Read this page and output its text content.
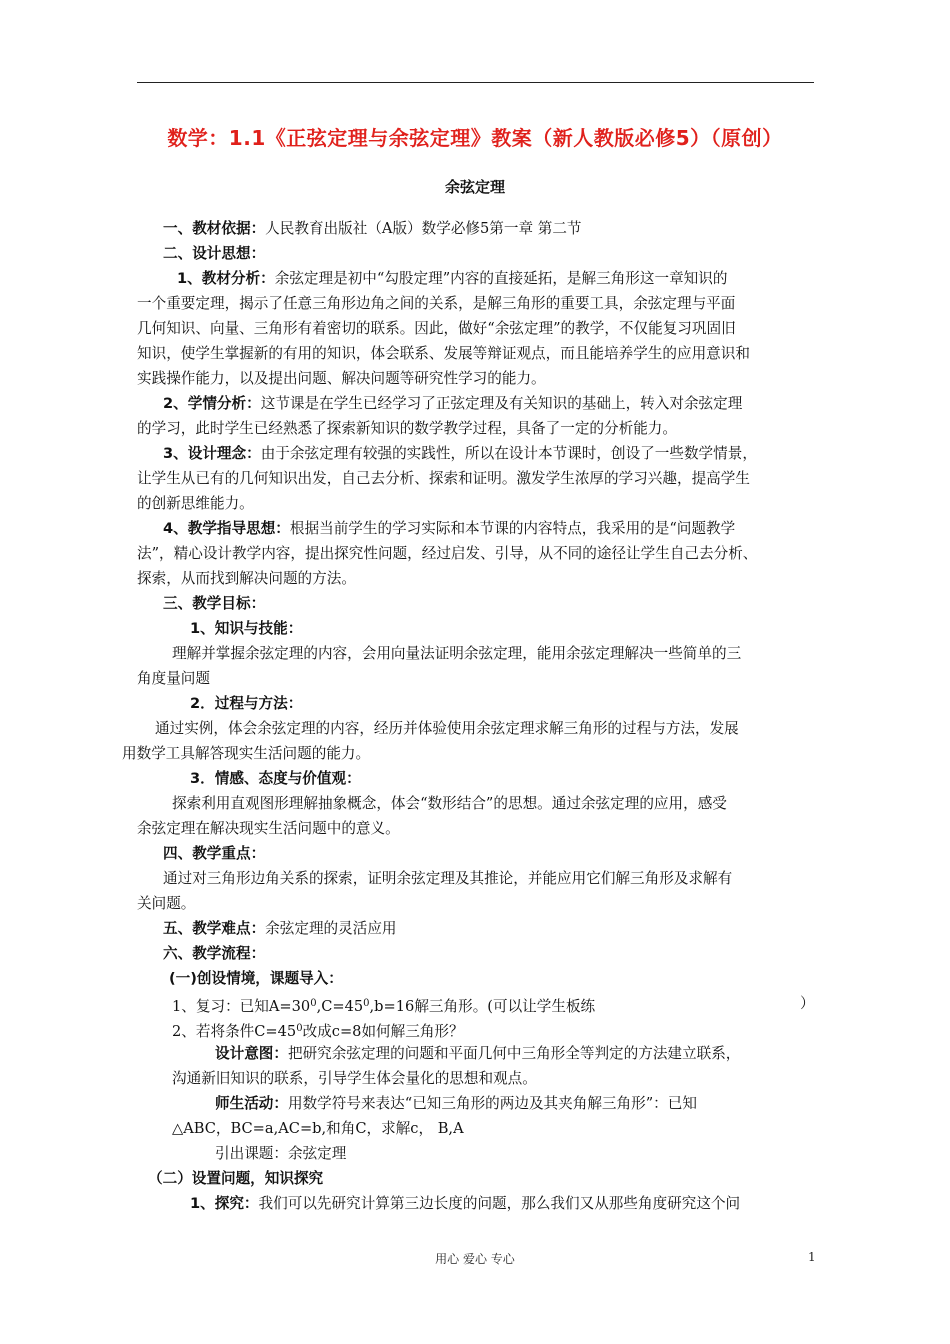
数学：1.1《正弦定理与余弦定理》教案（新人教版必修5）（原创）
余弦定理
一、教材依据：人民教育出版社（A版）数学必修5第一章 第二节
二、设计思想：
1、教材分析：余弦定理是初中“勾股定理”内容的直接延拓，是解三角形这一章知识的
一个重要定理，揭示了任意三角形边角之间的关系，是解三角形的重要工具，余弦定理与平面
几何知识、向量、三角形有着密切的联系。因此，做好“余弦定理”的教学，不仅能复习巩固旧
知识，使学生掌握新的有用的知识，体会联系、发展等辩证观点，而且能培养学生的应用意识和
实践操作能力，以及提出问题、解决问题等研究性学习的能力。
2、学情分析：这节课是在学生已经学习了正弦定理及有关知识的基础上，转入对余弦定理
的学习，此时学生已经熟悉了探索新知识的数学教学过程，具备了一定的分析能力。
3、设计理念：由于余弦定理有较强的实践性，所以在设计本节课时，创设了一些数学情景，
让学生从已有的几何知识出发，自己去分析、探索和证明。激发学生浓厚的学习兴趣，提高学生
的创新思维能力。
4、教学指导思想：根据当前学生的学习实际和本节课的内容特点，我采用的是“问题教学
法”，精心设计教学内容，提出探究性问题，经过启发、引导，从不同的途径让学生自己去分析、
探索，从而找到解决问题的方法。
三、教学目标：
1、知识与技能：
理解并掌握余弦定理的内容，会用向量法证明余弦定理，能用余弦定理解决一些简单的三
角度量问题
2．过程与方法：
通过实例，体会余弦定理的内容，经历并体验使用余弦定理求解三角形的过程与方法，发展
用数学工具解答现实生活问题的能力。
3．情感、态度与价值观：
探索利用直观图形理解抽象概念，体会“数形结合”的思想。通过余弦定理的应用，感受
余弦定理在解决现实生活问题中的意义。
四、教学重点：
通过对三角形边角关系的探索，证明余弦定理及其推论，并能应用它们解三角形及求解有
关问题。
五、教学难点：余弦定理的灵活应用
六、教学流程：
(一)创设情境，课题导入：
1、复习：已知$A=30^0,C=45^0,b=16$解三角形。(可以让学生板练	）
2、若将条件$C=45^0$改成c=8如何解三角形？
设计意图：把研究余弦定理的问题和平面几何中三角形全等判定的方法建立联系，
沟通新旧知识的联系，引导学生体会量化的思想和观点。
师生活动：用数学符号来表达“已知三角形的两边及其夹角解三角形”：已知
△ABC，BC=a,AC=b,和角C，求解c， B,A
引出课题：余弦定理
（二）设置问题，知识探究
1、探究：我们可以先研究计算第三边长度的问题，那么我们又从那些角度研究这个问
用心 爱心 专心	1
